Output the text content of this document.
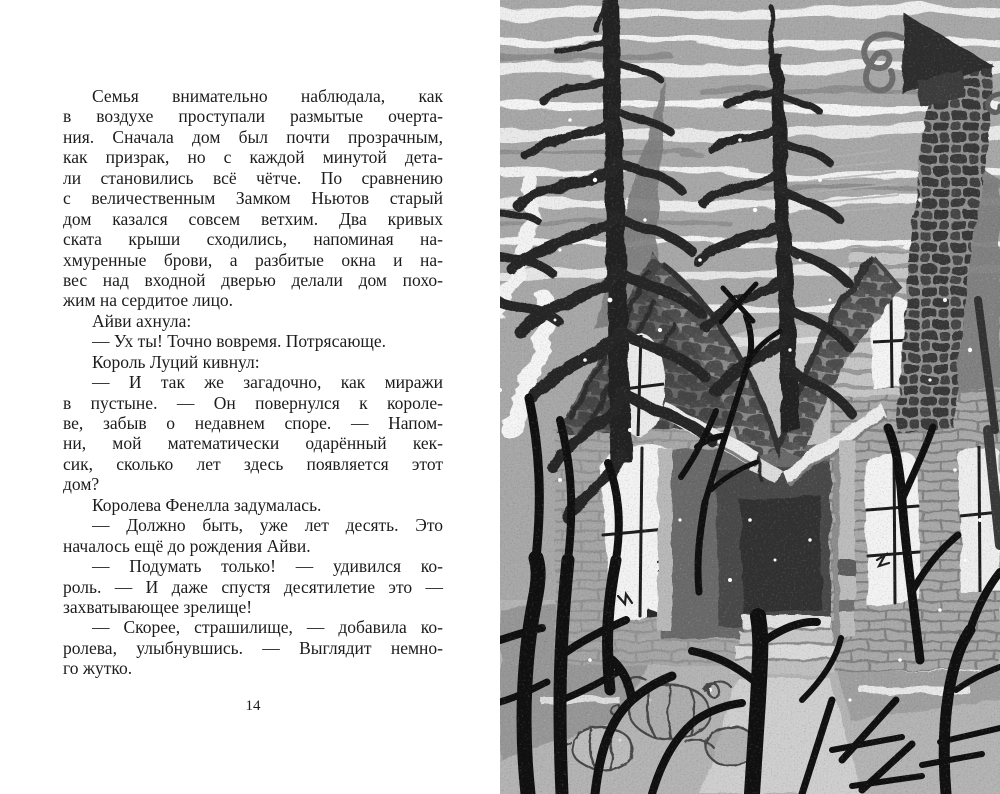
Семья внимательно наблюдала, как
в воздухе проступали размытые очерта-
ния. Сначала дом был почти прозрачным,
как призрак, но с каждой минутой дета-
ли становились всё чётче. По сравнению
с величественным Замком Ньютов старый
дом казался совсем ветхим. Два кривых
ската крыши сходились, напоминая на-
хмуренные брови, а разбитые окна и на-
вес над входной дверью делали дом похо-
жим на сердитое лицо.
Айви ахнула:
— Ух ты! Точно вовремя. Потрясающе.
Король Луций кивнул:
— И так же загадочно, как миражи
в пустыне. — Он повернулся к короле-
ве, забыв о недавнем споре. — Напом-
ни, мой математически одарённый кек-
сик, сколько лет здесь появляется этот
дом?
Королева Фенелла задумалась.
— Должно быть, уже лет десять. Это
началось ещё до рождения Айви.
— Подумать только! — удивился ко-
роль. — И даже спустя десятилетие это —
захватывающее зрелище!
— Скорее, страшилище, — добавила ко-
ролева, улыбнувшись. — Выглядит немно-
го жутко.
14
